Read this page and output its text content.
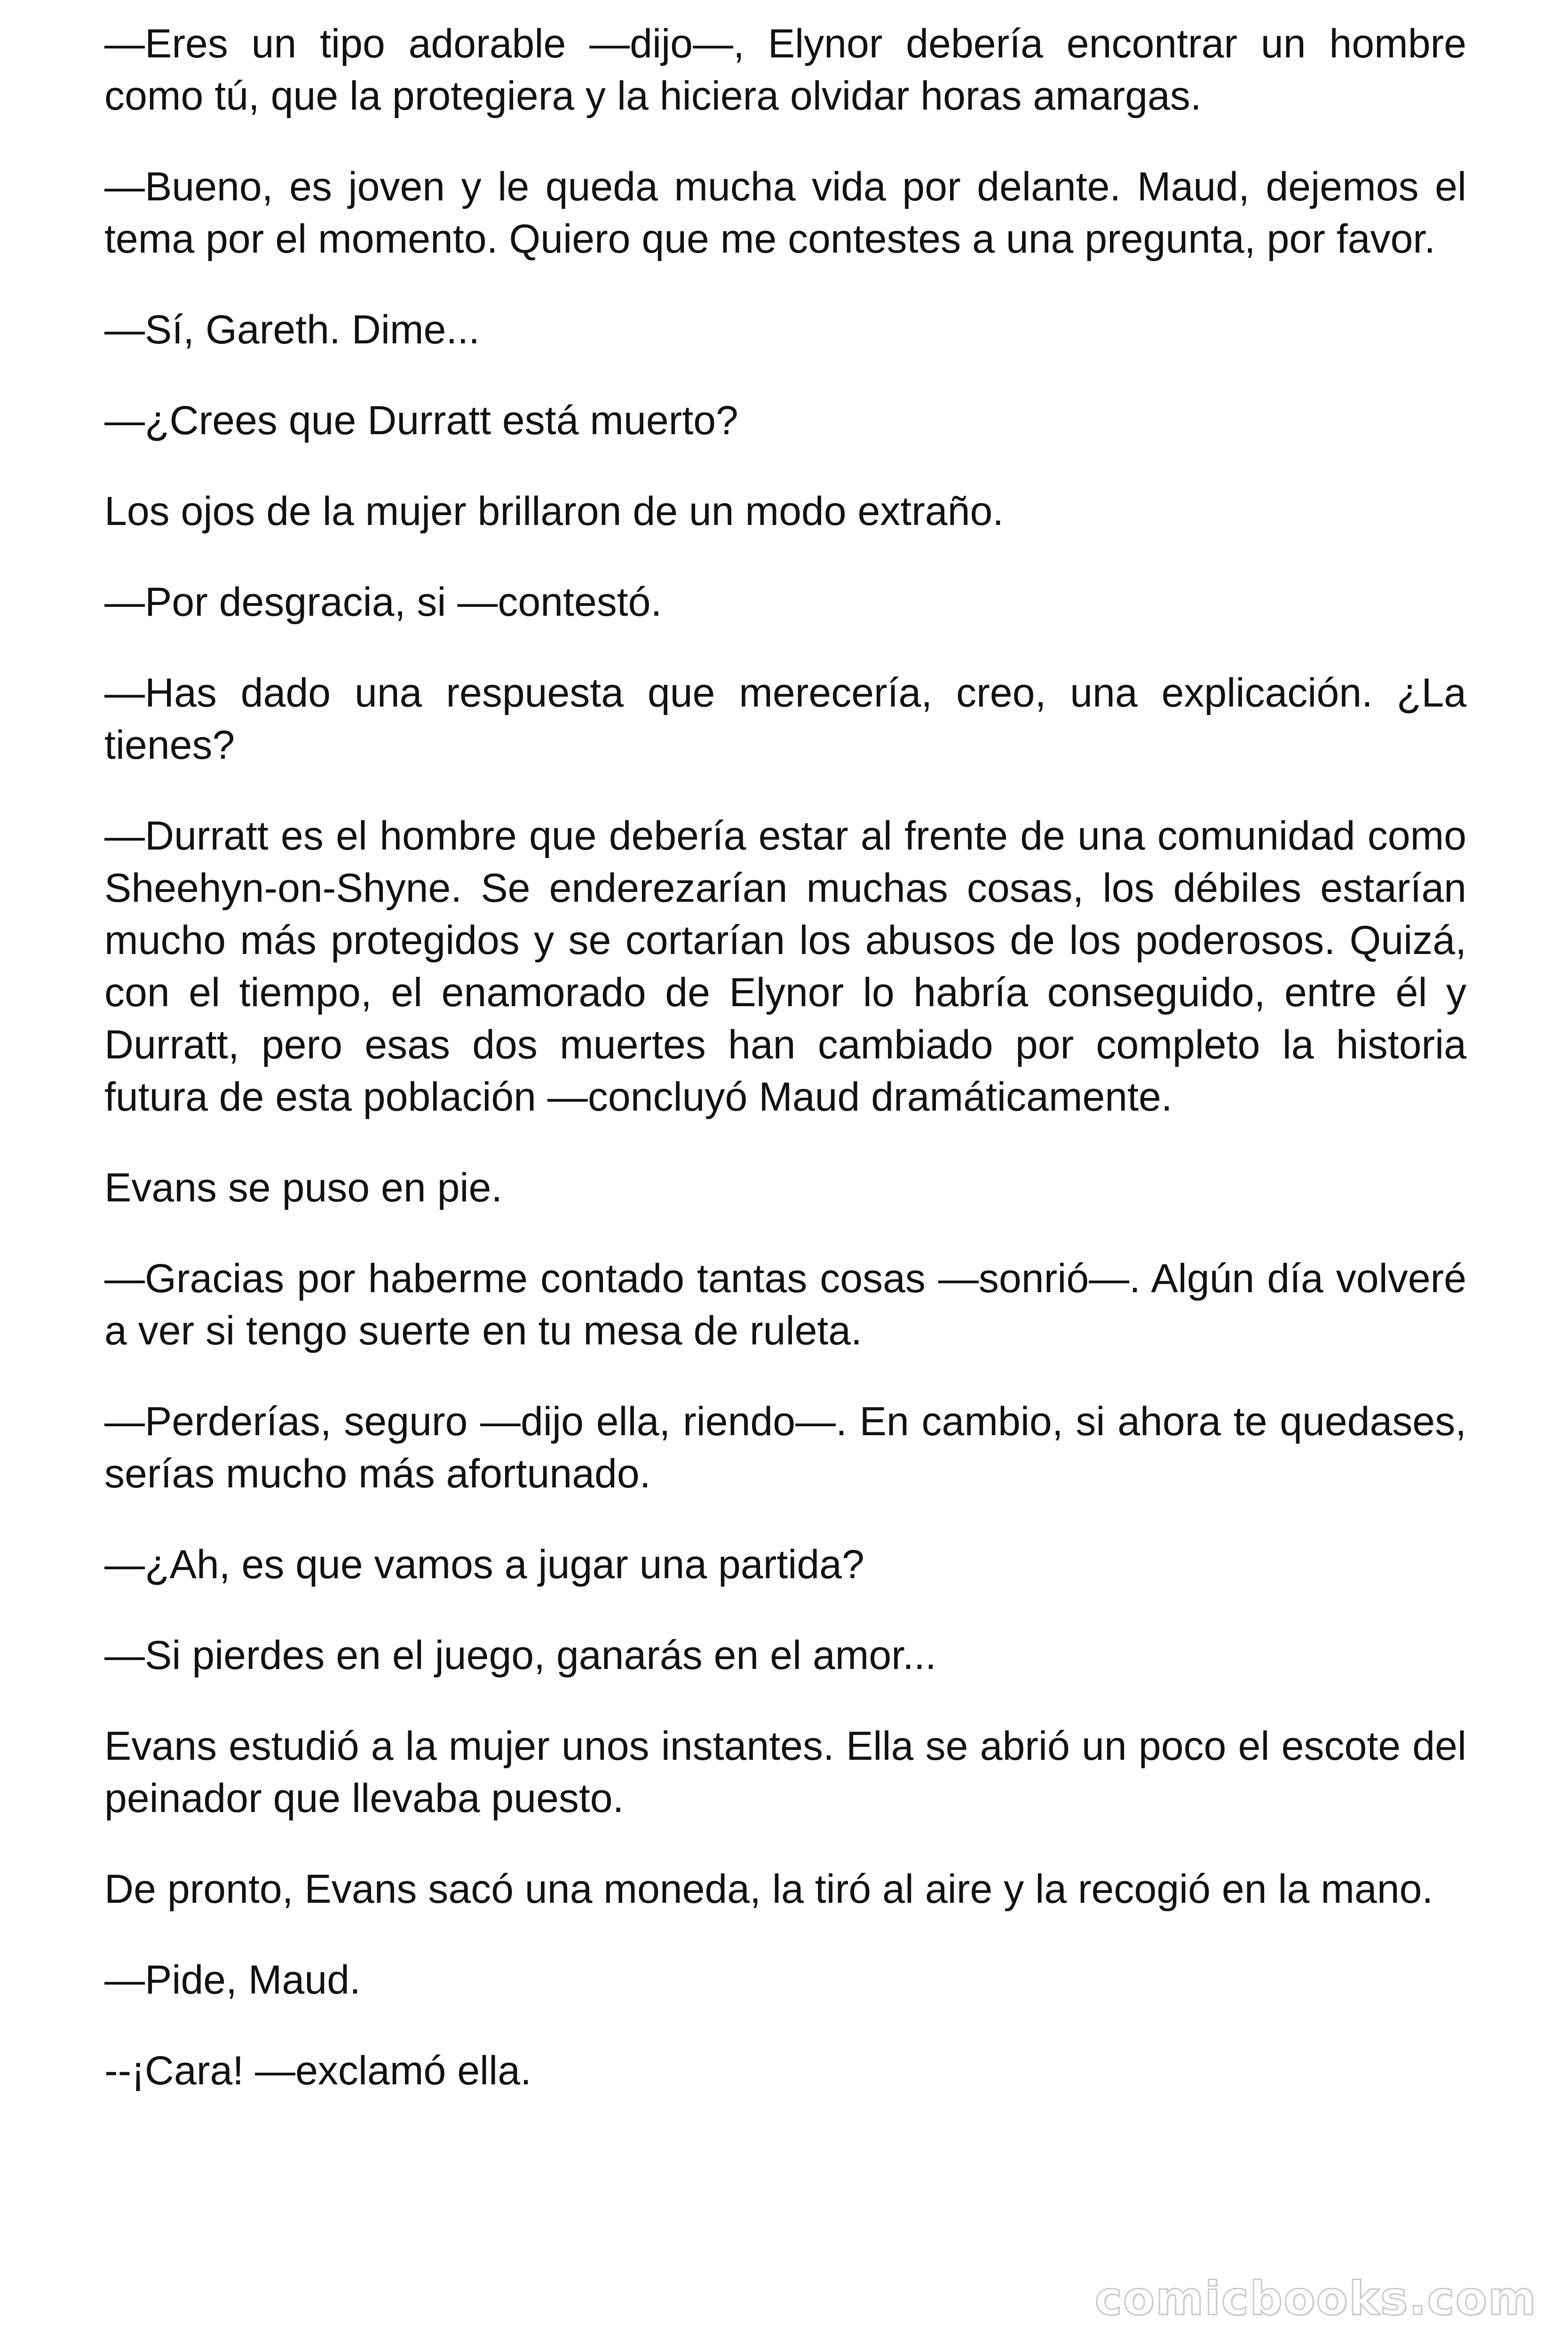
—Eres un tipo adorable —dijo—, Elynor debería encontrar un hombre como tú, que la protegiera y la hiciera olvidar horas amargas.

—Bueno, es joven y le queda mucha vida por delante. Maud, dejemos el tema por el momento. Quiero que me contestes a una pregunta, por favor.

—Sí, Gareth. Dime...

—¿Crees que Durratt está muerto?

Los ojos de la mujer brillaron de un modo extraño.

—Por desgracia, si —contestó.

—Has dado una respuesta que merecería, creo, una explicación. ¿La tienes?

—Durratt es el hombre que debería estar al frente de una comunidad como Sheehyn-on-Shyne. Se enderezarían muchas cosas, los débiles estarían mucho más protegidos y se cortarían los abusos de los poderosos. Quizá, con el tiempo, el enamorado de Elynor lo habría conseguido, entre él y Durratt, pero esas dos muertes han cambiado por completo la historia futura de esta población —concluyó Maud dramáticamente.

Evans se puso en pie.

—Gracias por haberme contado tantas cosas —sonrió—. Algún día volveré a ver si tengo suerte en tu mesa de ruleta.

—Perderías, seguro —dijo ella, riendo—. En cambio, si ahora te quedases, serías mucho más afortunado.

—¿Ah, es que vamos a jugar una partida?

—Si pierdes en el juego, ganarás en el amor...

Evans estudió a la mujer unos instantes. Ella se abrió un poco el escote del peinador que llevaba puesto.

De pronto, Evans sacó una moneda, la tiró al aire y la recogió en la mano.

—Pide, Maud.

--¡Cara! —exclamó ella.

comicbooks.com
